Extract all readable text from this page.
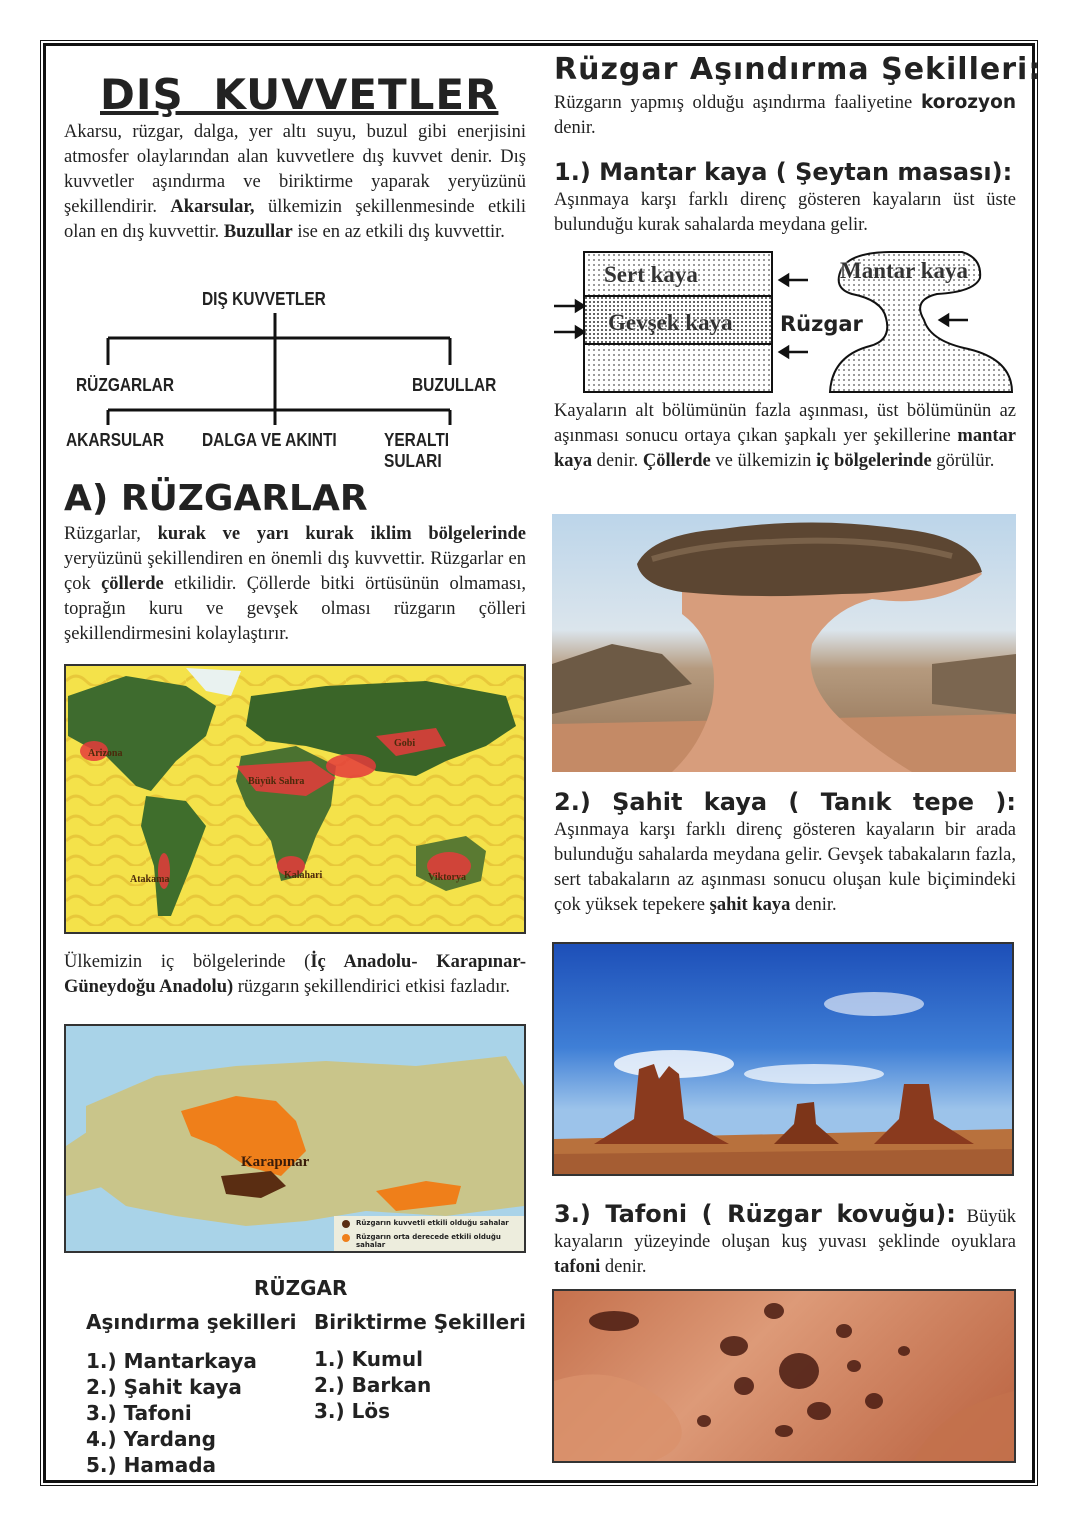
DIŞ KUVVETLER
Akarsu, rüzgar, dalga, yer altı suyu, buzul gibi enerjisini atmosfer olaylarından alan kuvvetlere dış kuvvet denir. Dış kuvvetler aşındırma ve biriktirme yaparak yeryüzünü şekillendirir. Akarsular, ülkemizin şekillenmesinde etkili olan en dış kuvvettir. Buzullar ise en az etkili dış kuvvettir.
DIŞ KUVVETLER
RÜZGARLAR	BUZULLAR
AKARSULAR DALGA VE AKINTI	YERALTI SULARI
A) RÜZGARLAR
Rüzgarlar, kurak ve yarı kurak iklim bölgelerinde yeryüzünü şekillendiren en önemli dış kuvvettir. Rüzgarlar en çok çöllerde etkilidir. Çöllerde bitki örtüsünün olmaması, toprağın kuru ve gevşek olması rüzgarın çölleri şekillendirmesini kolaylaştırır.
Arizona
Büyük Sahra
Gobi
Atakama	Kalahari	Viktorya
Ülkemizin iç bölgelerinde (İç Anadolu- Karapınar- Güneydoğu Anadolu) rüzgarın şekillendirici etkisi fazladır.
Karapınar
Rüzgarın kuvvetli etkili olduğu sahalar
Rüzgarın orta derecede etkili olduğu sahalar
RÜZGAR
Aşındırma şekilleri Biriktirme Şekilleri
1.) Mantarkaya
2.) Şahit kaya
3.) Tafoni
4.) Yardang
5.) Hamada
1.) Kumul
2.) Barkan
3.) Lös
Rüzgar Aşındırma Şekilleri:
Rüzgarın yapmış olduğu aşındırma faaliyetine korozyon denir.
1.) Mantar kaya ( Şeytan masası):
Aşınmaya karşı farklı direnç gösteren kayaların üst üste bulunduğu kurak sahalarda meydana gelir.
Sert kaya
Gevşek kaya Rüzgar
Mantar kaya
Kayaların alt bölümünün fazla aşınması, üst bölümünün az aşınması sonucu ortaya çıkan şapkalı yer şekillerine mantar kaya denir. Çöllerde ve ülkemizin iç bölgelerinde görülür.
2.) Şahit kaya ( Tanık tepe ): Aşınmaya karşı farklı direnç gösteren kayaların bir arada bulunduğu sahalarda meydana gelir. Gevşek tabakaların fazla, sert tabakaların az aşınması sonucu oluşan kule biçimindeki çok yüksek tepekere şahit kaya denir.
3.) Tafoni ( Rüzgar kovuğu): Büyük kayaların yüzeyinde oluşan kuş yuvası şeklinde oyuklara tafoni denir.
